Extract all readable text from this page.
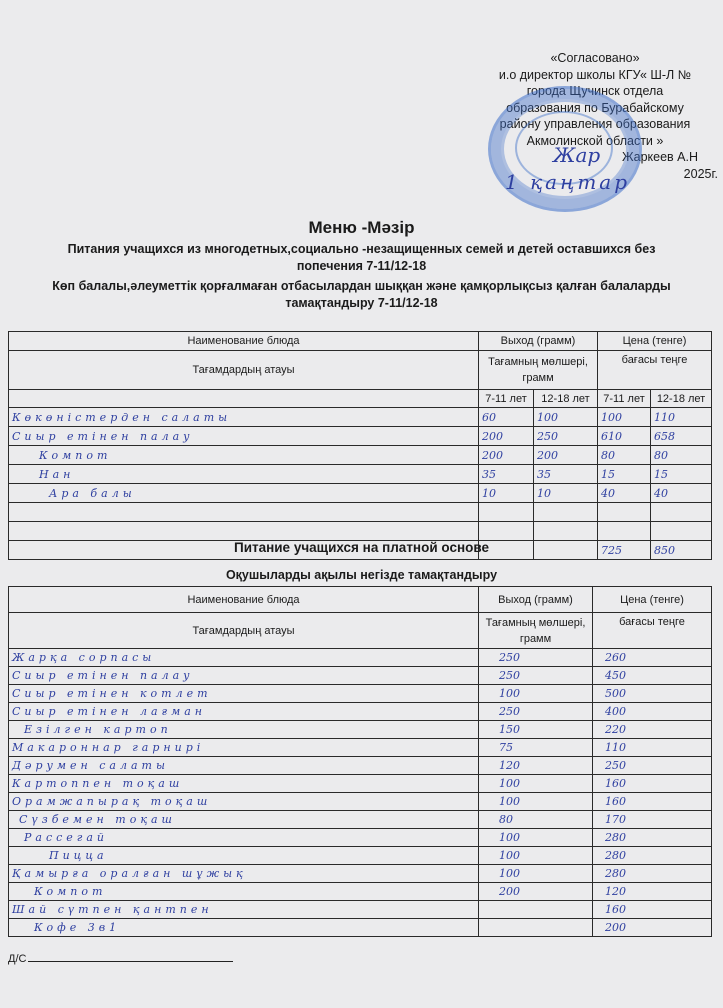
«Согласовано»
и.о директор школы КГУ« Ш-Л №
города Щучинск отдела
образования по Бурабайскому
району управления образования
Акмолинской области »
Жаркеев А.Н
2025г.
Жар
1 қаңтар
Меню -Мәзір
Питания учащихся из многодетных,социально -незащищенных семей и детей оставшихся без попечения 7-11/12-18
Көп балалы,әлеуметтік қорғалмаған отбасылардан шыққан және қамқорлықсыз қалған балаларды тамақтандыру 7-11/12-18
Наименование блюда	Выход (грамм)		Цена (тенге)	
Тағамдардың атауы	Тағамның мөлшері, грамм		бағасы теңге	
	7-11 лет	12-18 лет	7-11 лет	12-18 лет
Көкөністерден салаты	60	100	100	110
Сиыр етінен палау	200	250	610	658
Компот	200	200	80	80
Нан	35	35	15	15
Ара балы	10	10	40	40

			725	850
Питание учащихся на платной основе
Оқушыларды ақылы негізде тамақтандыру
Наименование блюда	Выход (грамм)	Цена (тенге)
Тағамдардың атауы	Тағамның мөлшері, грамм	бағасы теңге
Жарқа сорпасы	250	260
Сиыр етінен палау	250	450
Сиыр етінен котлет	100	500
Сиыр етінен лағман	250	400
Езілген картоп	150	220
Макароннар гарнирі	75	110
Дәрумен салаты	120	250
Картоппен тоқаш	100	160
Орамжапырақ тоқаш	100	160
Сүзбемен тоқаш	80	170
Рассегай	100	280
Пицца	100	280
Қамырға оралған шұжық	100	280
Компот	200	120
Шай сүтпен қантпен		160
Кофе 3в1		200
Д/С
